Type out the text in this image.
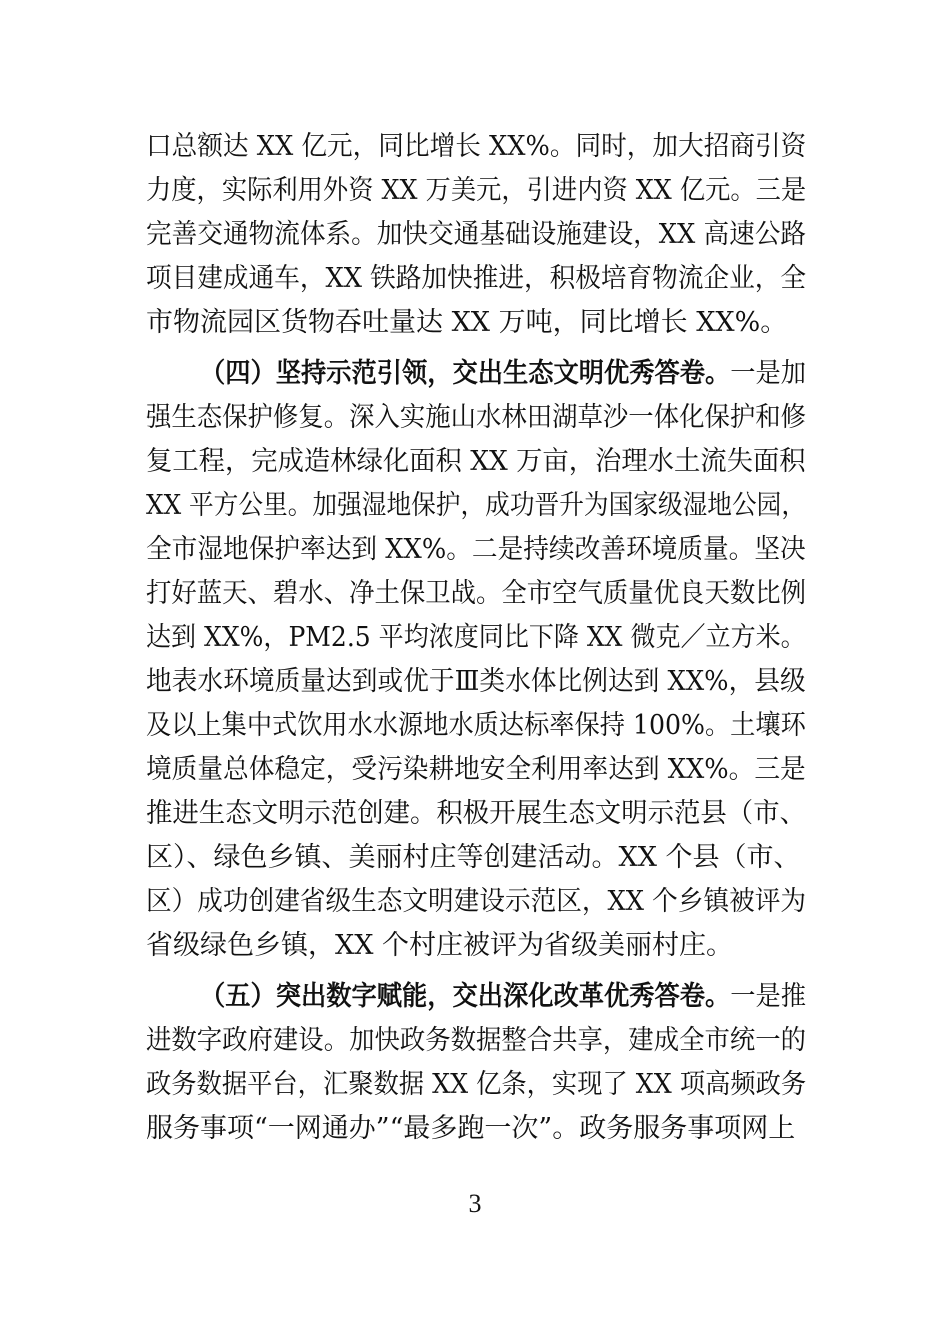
口总额达 XX 亿元，同比增长 XX%。同时，加大招商引资
力度，实际利用外资 XX 万美元，引进内资 XX 亿元。三是
完善交通物流体系。加快交通基础设施建设，XX 高速公路
项目建成通车，XX 铁路加快推进，积极培育物流企业，全
市物流园区货物吞吐量达 XX 万吨，同比增长 XX%。
（四）坚持示范引领，交出生态文明优秀答卷。一是加
强生态保护修复。深入实施山水林田湖草沙一体化保护和修
复工程，完成造林绿化面积 XX 万亩，治理水土流失面积
XX 平方公里。加强湿地保护，成功晋升为国家级湿地公园，
全市湿地保护率达到 XX%。二是持续改善环境质量。坚决
打好蓝天、碧水、净土保卫战。全市空气质量优良天数比例
达到 XX%，PM2.5 平均浓度同比下降 XX 微克／立方米。
地表水环境质量达到或优于Ⅲ类水体比例达到 XX%，县级
及以上集中式饮用水水源地水质达标率保持 100%。土壤环
境质量总体稳定，受污染耕地安全利用率达到 XX%。三是
推进生态文明示范创建。积极开展生态文明示范县（市、
区）、绿色乡镇、美丽村庄等创建活动。XX 个县（市、
区）成功创建省级生态文明建设示范区，XX 个乡镇被评为
省级绿色乡镇，XX 个村庄被评为省级美丽村庄。
（五）突出数字赋能，交出深化改革优秀答卷。一是推
进数字政府建设。加快政务数据整合共享，建成全市统一的
政务数据平台，汇聚数据 XX 亿条，实现了 XX 项高频政务
服务事项“一网通办”“最多跑一次”。政务服务事项网上
3
